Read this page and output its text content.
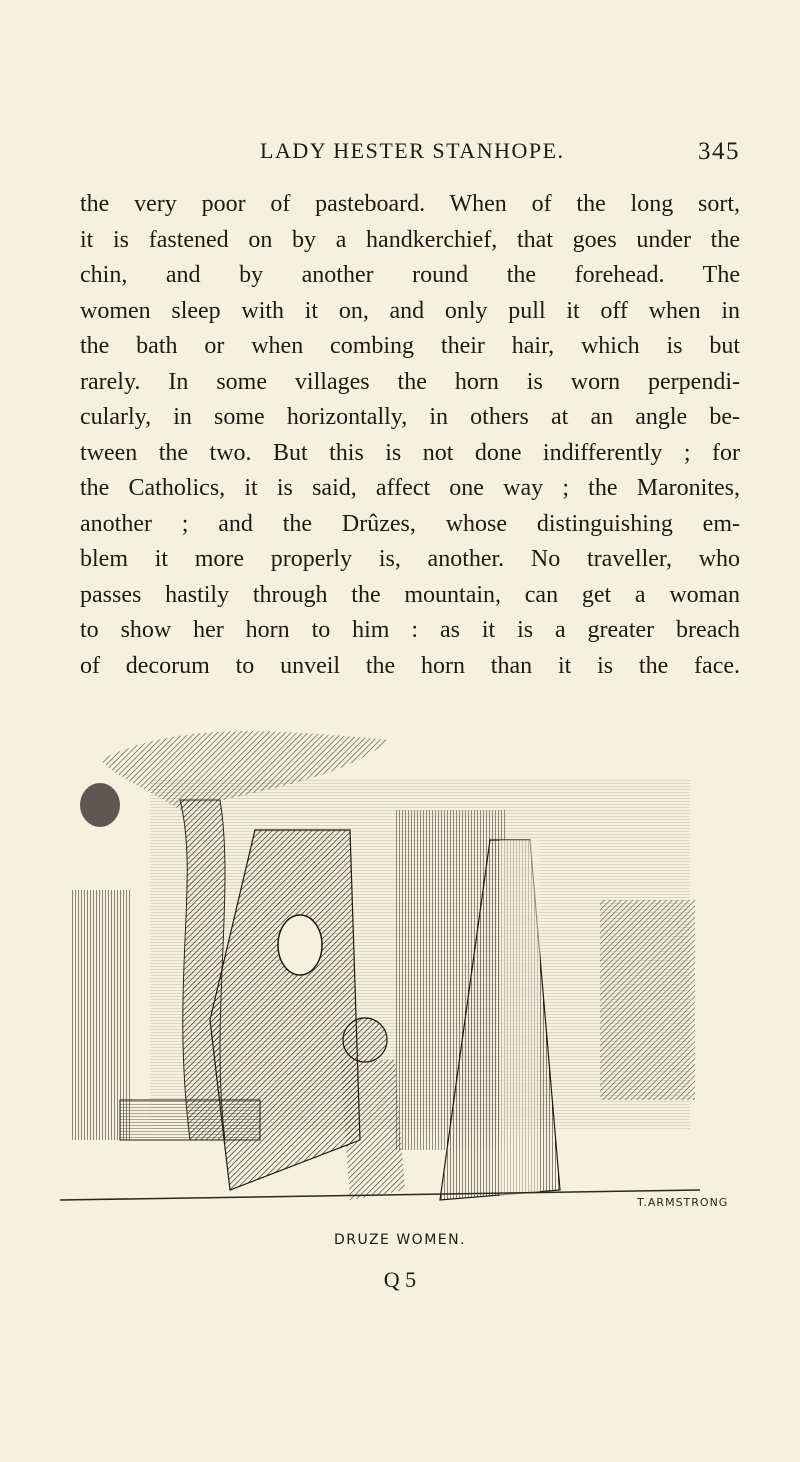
LADY HESTER STANHOPE.	345
the very poor of pasteboard. When of the long sort,
it is fastened on by a handkerchief, that goes under the
chin, and by another round the forehead. The
women sleep with it on, and only pull it off when in
the bath or when combing their hair, which is but
rarely. In some villages the horn is worn perpendi-
cularly, in some horizontally, in others at an angle be-
tween the two. But this is not done indifferently ; for
the Catholics, it is said, affect one way ; the Maronites,
another ; and the Drûzes, whose distinguishing em-
blem it more properly is, another. No traveller, who
passes hastily through the mountain, can get a woman
to show her horn to him : as it is a greater breach
of decorum to unveil the horn than it is the face.
T.ARMSTRONG
DRUZE WOMEN.
Q 5
